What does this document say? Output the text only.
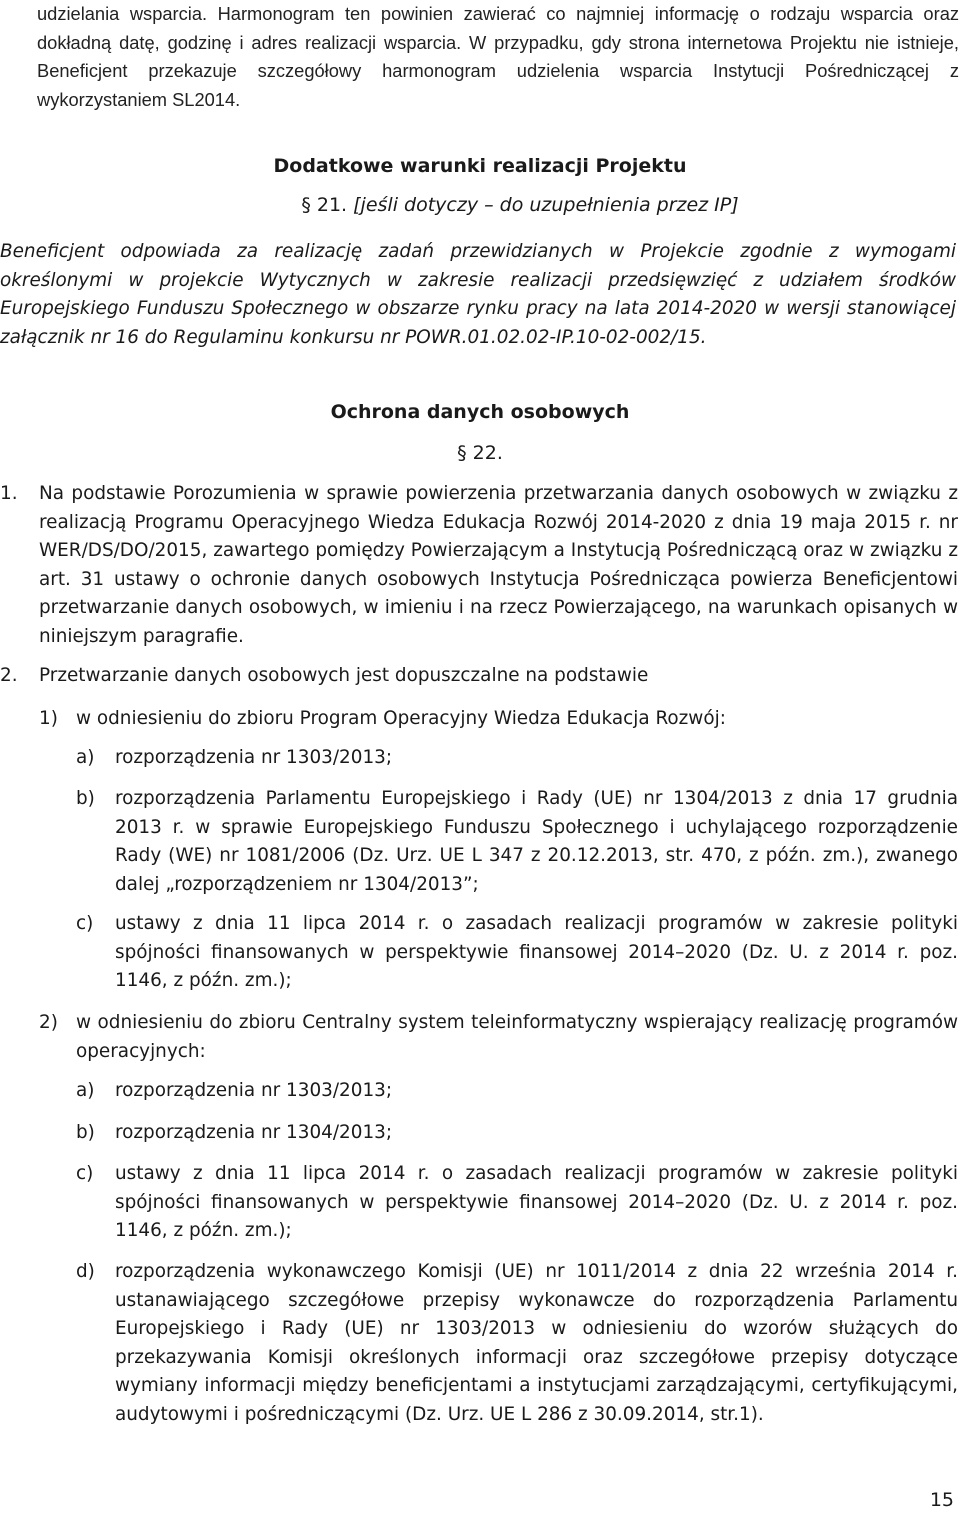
udzielania wsparcia. Harmonogram ten powinien zawierać co najmniej informację o rodzaju wsparcia oraz dokładną datę, godzinę i adres realizacji wsparcia. W przypadku, gdy strona internetowa Projektu nie istnieje, Beneficjent przekazuje szczegółowy harmonogram udzielenia wsparcia Instytucji Pośredniczącej z wykorzystaniem SL2014.

Dodatkowe warunki realizacji Projektu

§ 21. [jeśli dotyczy – do uzupełnienia przez IP]

Beneficjent odpowiada za realizację zadań przewidzianych w Projekcie zgodnie z wymogami określonymi w projekcie Wytycznych w zakresie realizacji przedsięwzięć z udziałem środków Europejskiego Funduszu Społecznego w obszarze rynku pracy na lata 2014-2020 w wersji stanowiącej załącznik nr 16 do Regulaminu konkursu nr POWR.01.02.02-IP.10-02-002/15.

Ochrona danych osobowych

§ 22.

1. Na podstawie Porozumienia w sprawie powierzenia przetwarzania danych osobowych w związku z realizacją Programu Operacyjnego Wiedza Edukacja Rozwój 2014-2020 z dnia 19 maja 2015 r. nr WER/DS/DO/2015, zawartego pomiędzy Powierzającym a Instytucją Pośredniczącą oraz w związku z art. 31 ustawy o ochronie danych osobowych Instytucja Pośrednicząca powierza Beneficjentowi przetwarzanie danych osobowych, w imieniu i na rzecz Powierzającego, na warunkach opisanych w niniejszym paragrafie.
2. Przetwarzanie danych osobowych jest dopuszczalne na podstawie
1) w odniesieniu do zbioru Program Operacyjny Wiedza Edukacja Rozwój:
a) rozporządzenia nr 1303/2013;
b) rozporządzenia Parlamentu Europejskiego i Rady (UE) nr 1304/2013 z dnia 17 grudnia 2013 r. w sprawie Europejskiego Funduszu Społecznego i uchylającego rozporządzenie Rady (WE) nr 1081/2006 (Dz. Urz. UE L 347 z 20.12.2013, str. 470, z późn. zm.), zwanego dalej „rozporządzeniem nr 1304/2013”;
c) ustawy z dnia 11 lipca 2014 r. o zasadach realizacji programów w zakresie polityki spójności finansowanych w perspektywie finansowej 2014–2020 (Dz. U. z 2014 r. poz. 1146, z późn. zm.);
2) w odniesieniu do zbioru Centralny system teleinformatyczny wspierający realizację programów operacyjnych:
a) rozporządzenia nr 1303/2013;
b) rozporządzenia nr 1304/2013;
c) ustawy z dnia 11 lipca 2014 r. o zasadach realizacji programów w zakresie polityki spójności finansowanych w perspektywie finansowej 2014–2020 (Dz. U. z 2014 r. poz. 1146, z późn. zm.);
d) rozporządzenia wykonawczego Komisji (UE) nr 1011/2014 z dnia 22 września 2014 r. ustanawiającego szczegółowe przepisy wykonawcze do rozporządzenia Parlamentu Europejskiego i Rady (UE) nr 1303/2013 w odniesieniu do wzorów służących do przekazywania Komisji określonych informacji oraz szczegółowe przepisy dotyczące wymiany informacji między beneficjentami a instytucjami zarządzającymi, certyfikującymi, audytowymi i pośredniczącymi (Dz. Urz. UE L 286 z 30.09.2014, str.1).

15
